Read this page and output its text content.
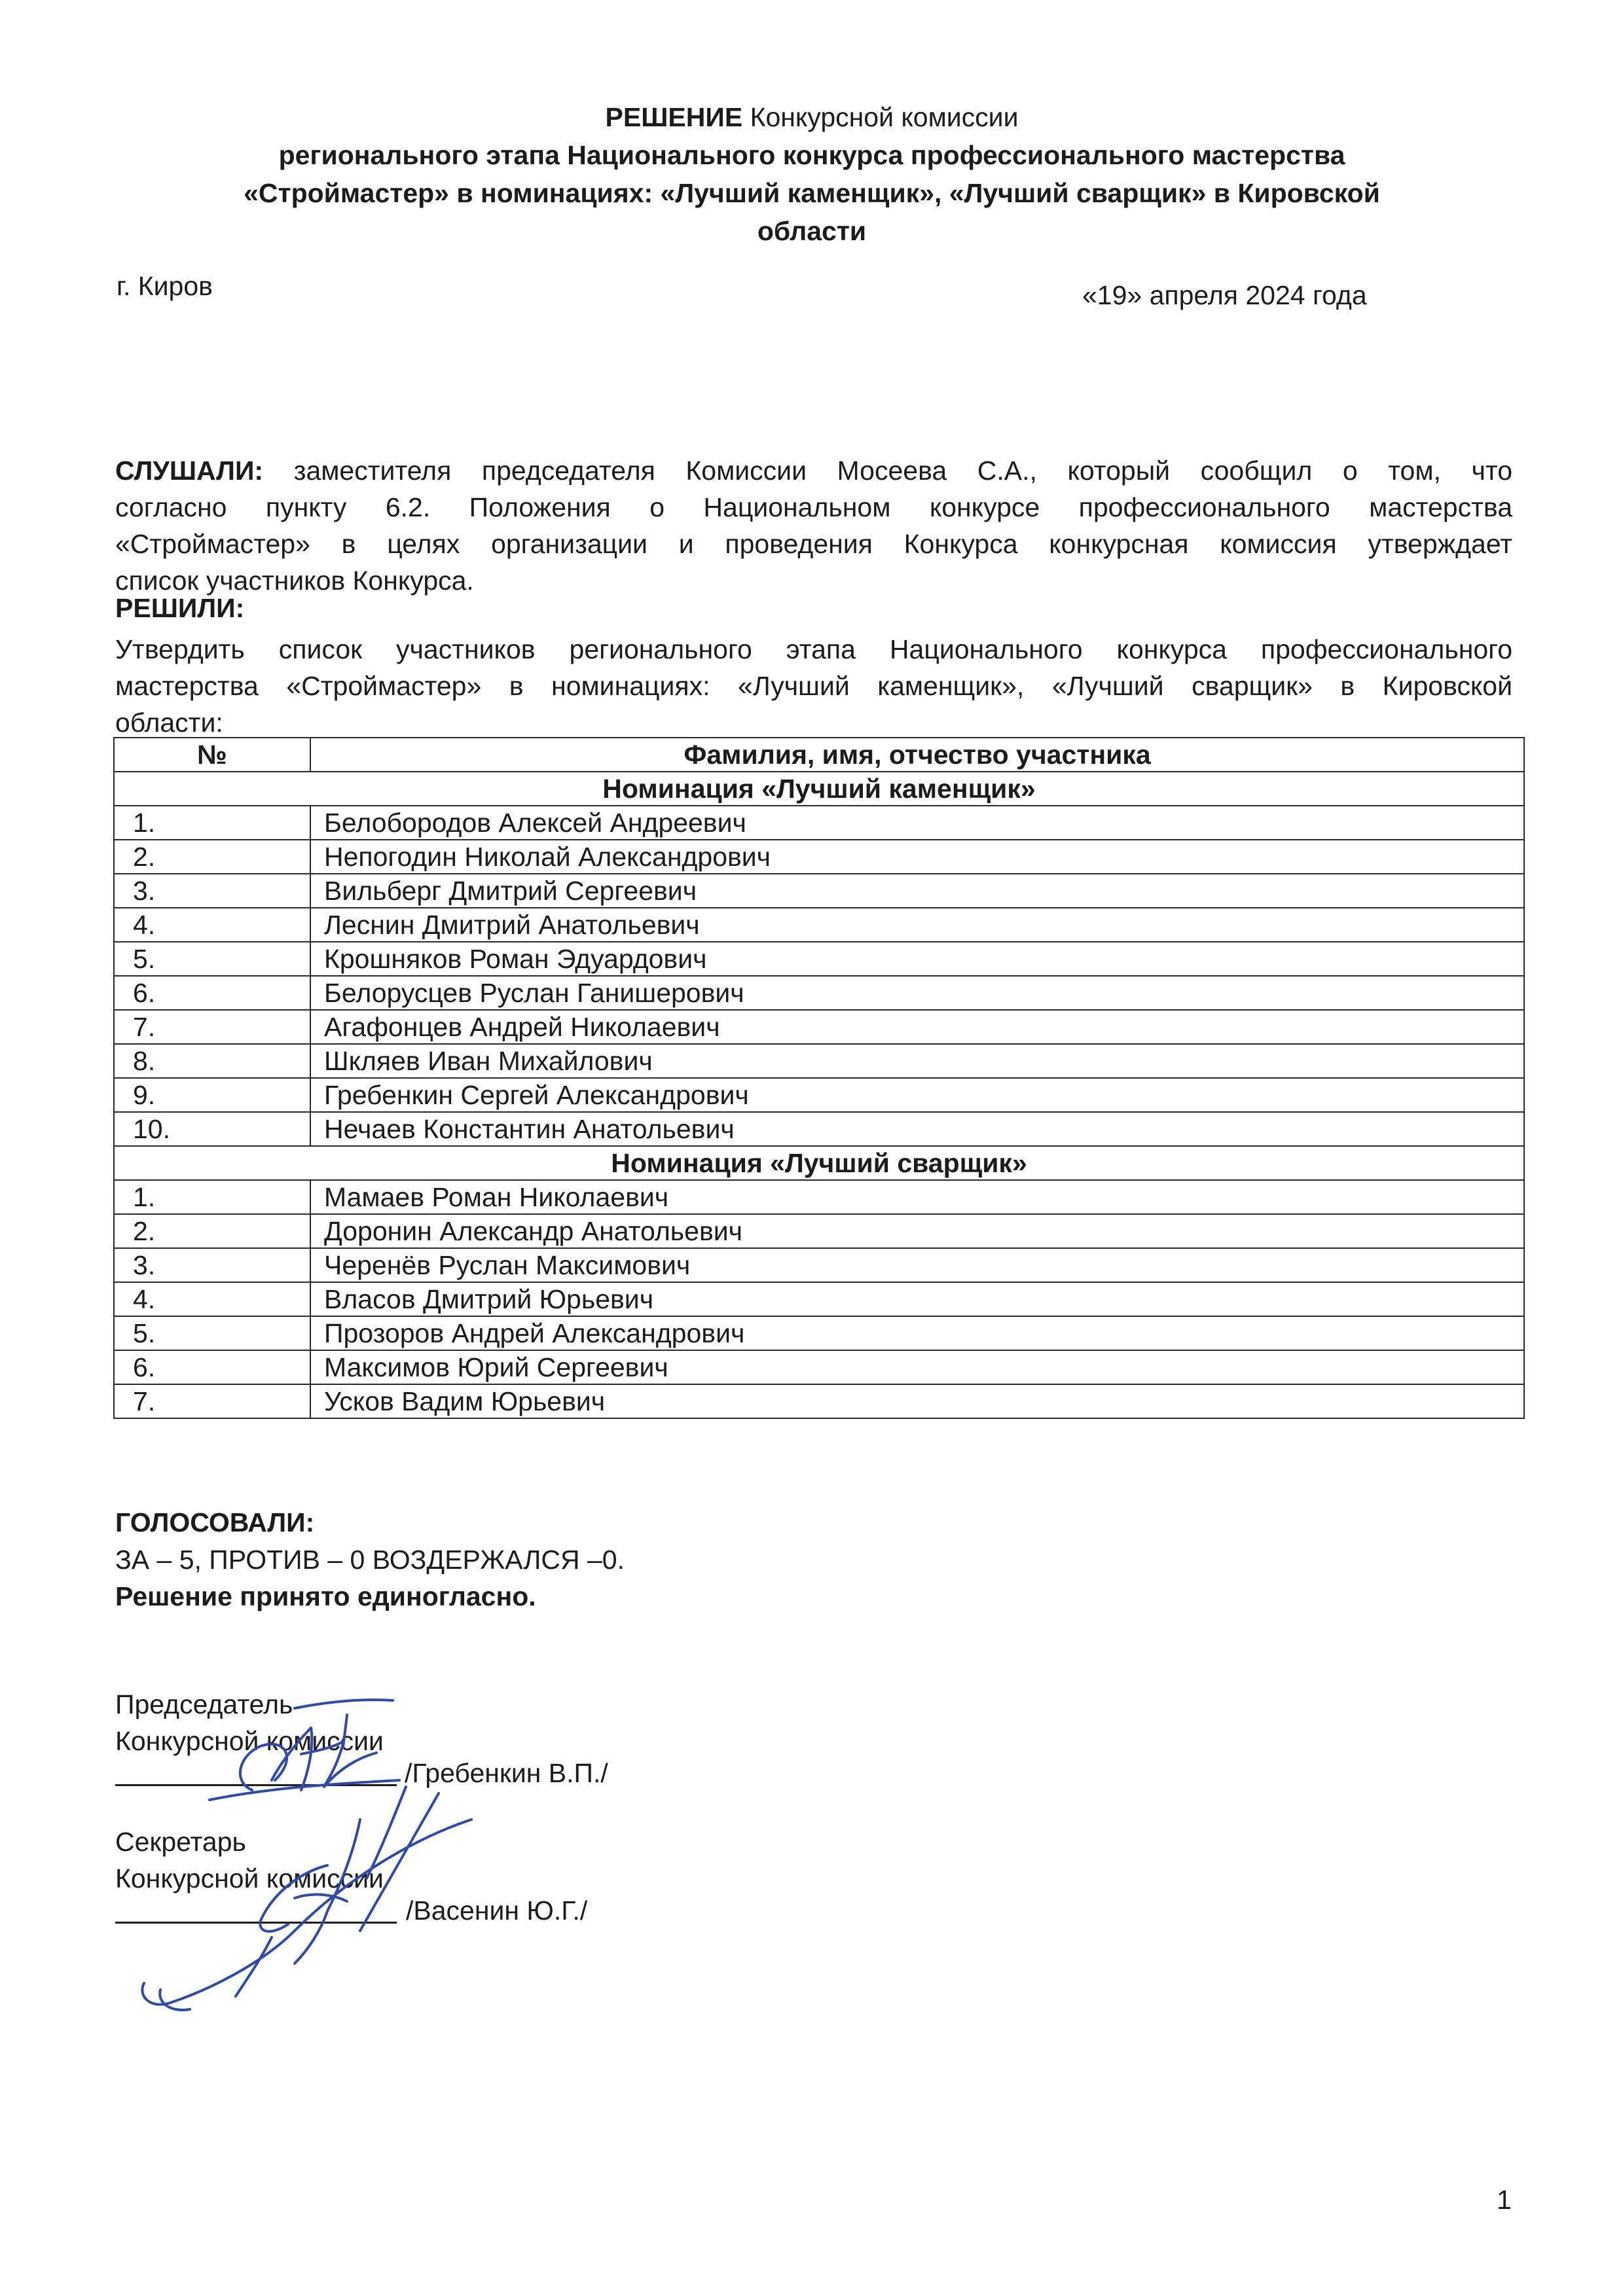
РЕШЕНИЕ Конкурсной комиссии
регионального этапа Национального конкурса профессионального мастерства
«Строймастер» в номинациях: «Лучший каменщик», «Лучший сварщик» в Кировской
области
г. Киров	«19» апреля 2024 года
СЛУШАЛИ: заместителя председателя Комиссии Мосеева С.А., который сообщил о том, что
согласно пункту 6.2. Положения о Национальном конкурсе профессионального мастерства
«Строймастер» в целях организации и проведения Конкурса конкурсная комиссия утверждает
список участников Конкурса.
РЕШИЛИ:
Утвердить список участников регионального этапа Национального конкурса профессионального
мастерства «Строймастер» в номинациях: «Лучший каменщик», «Лучший сварщик» в Кировской
области:
№	Фамилия, имя, отчество участника
Номинация «Лучший каменщик»	
1.	Белобородов Алексей Андреевич
2.	Непогодин Николай Александрович
3.	Вильберг Дмитрий Сергеевич
4.	Леснин Дмитрий Анатольевич
5.	Крошняков Роман Эдуардович
6.	Белорусцев Руслан Ганишерович
7.	Агафонцев Андрей Николаевич
8.	Шкляев Иван Михайлович
9.	Гребенкин Сергей Александрович
10.	Нечаев Константин Анатольевич
Номинация «Лучший сварщик»	
1.	Мамаев Роман Николаевич
2.	Доронин Александр Анатольевич
3.	Черенёв Руслан Максимович
4.	Власов Дмитрий Юрьевич
5.	Прозоров Андрей Александрович
6.	Максимов Юрий Сергеевич
7.	Усков Вадим Юрьевич
ГОЛОСОВАЛИ:
ЗА – 5, ПРОТИВ – 0 ВОЗДЕРЖАЛСЯ –0.
Решение принято единогласно.
Председатель
Конкурсной комиссии
/Гребенкин В.П./
Секретарь
Конкурсной комиссии
/Васенин Ю.Г./
1
